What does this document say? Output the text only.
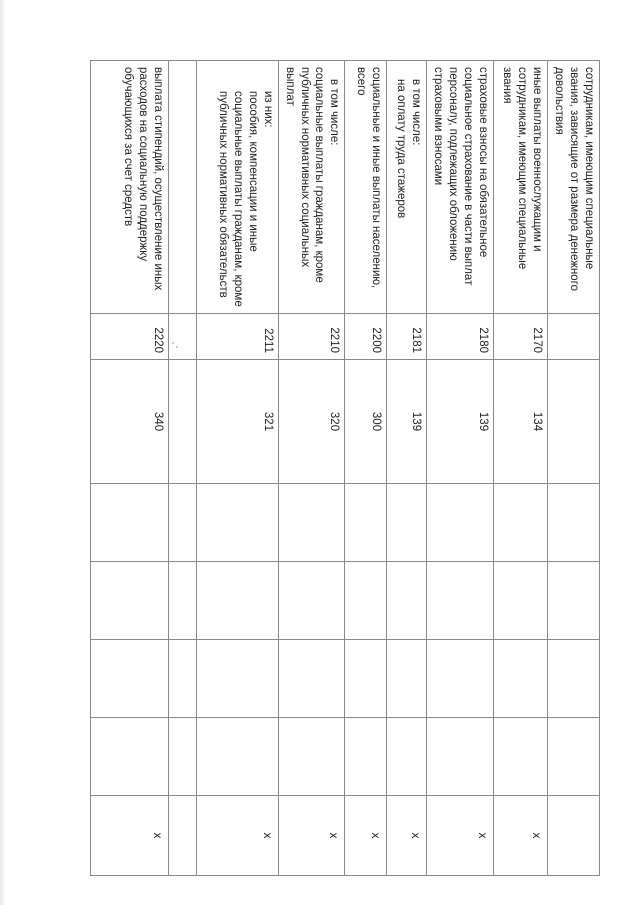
сотрудникам, имеющим специальные звания, зависящие от размера денежного довольствия							
иные выплаты военнослужащим и сотрудникам, имеющим специальные звания	2170	134					x
страховые взносы на обязательное социальное страхование в части выплат персоналу, подлежащих обложению страховыми взносами	2180	139					x

в том числе:
на оплату труда стажеров	2181	139					x
социальные и иные выплаты населению, всего	2200	300					x

в том числе:
социальные выплаты гражданам, кроме публичных нормативных социальных выплат	2210	320					x

из них:
пособия, компенсации и иные социальные выплаты гражданам, кроме публичных нормативных обязательств	2211	321					x

выплата стипендий, осуществление иных расходов на социальную поддержку обучающихся за счет средств	2220	340					x
